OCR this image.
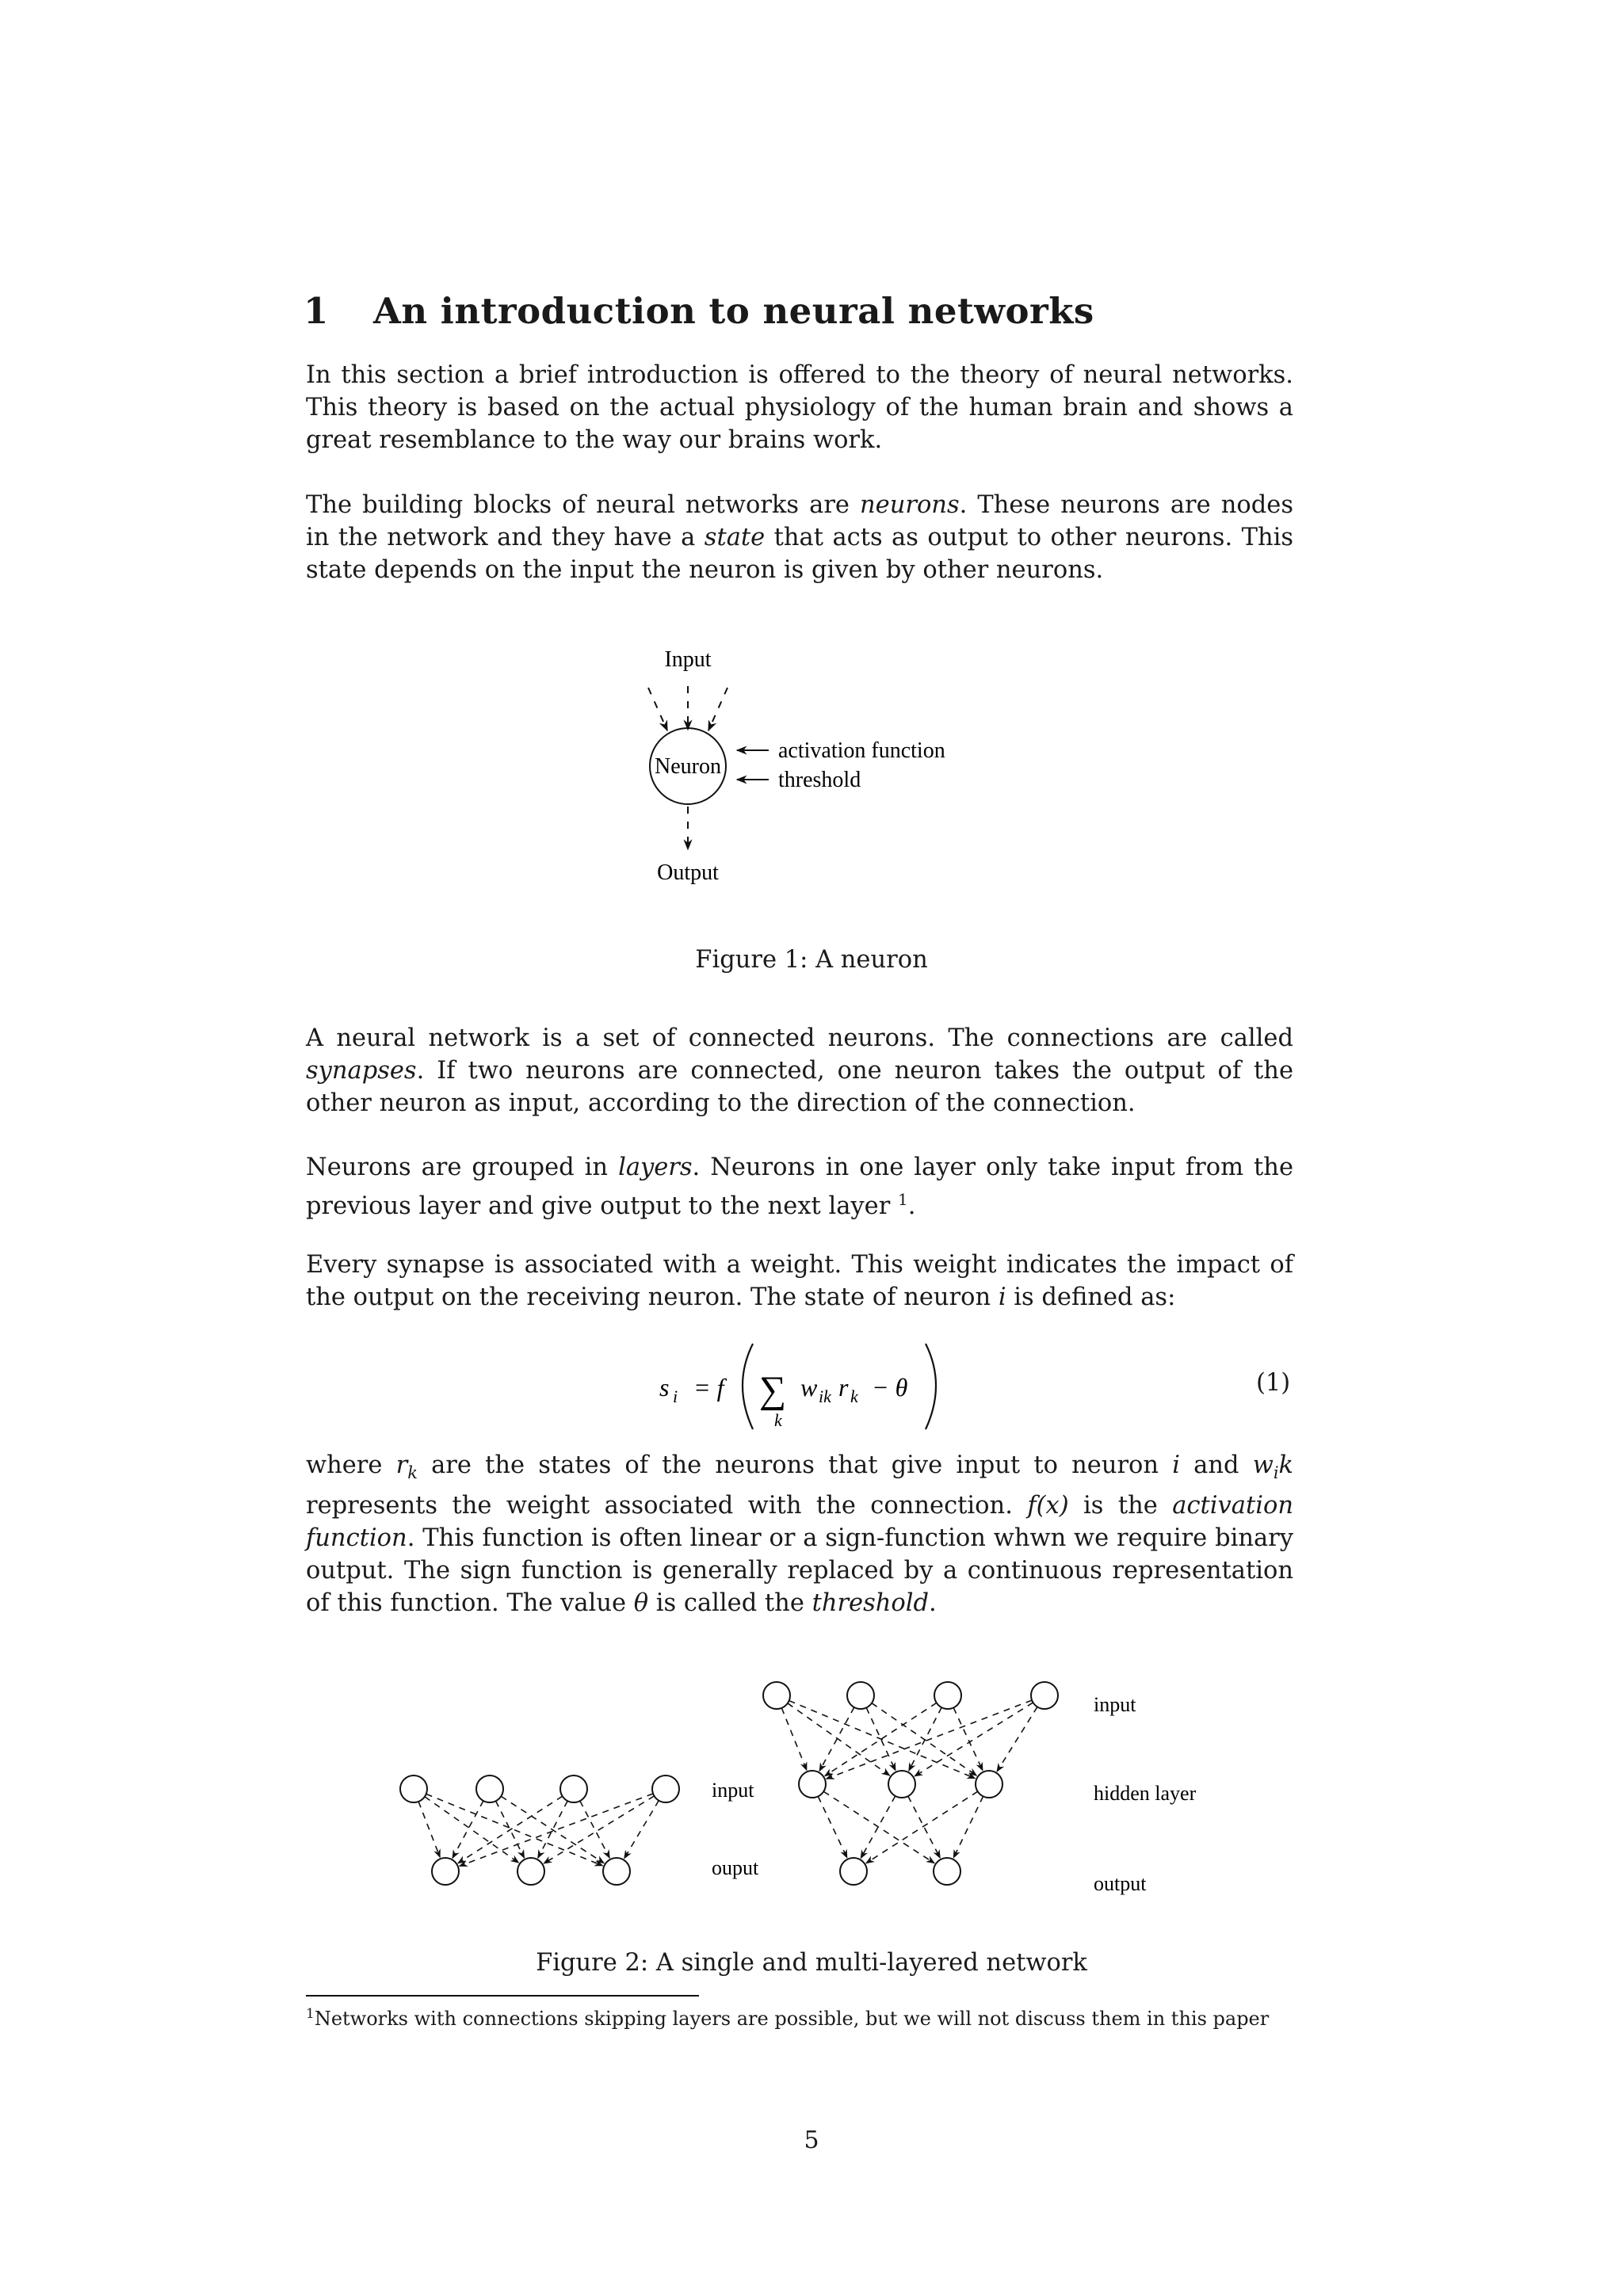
1 An introduction to neural networks
In this section a brief introduction is offered to the theory of neural networks. This theory is based on the actual physiology of the human brain and shows a great resemblance to the way our brains work.
The building blocks of neural networks are neurons. These neurons are nodes in the network and they have a state that acts as output to other neurons. This state depends on the input the neuron is given by other neurons.
Input
Neuron
Output
activation function
threshold
Figure 1: A neuron
A neural network is a set of connected neurons. The connections are called synapses. If two neurons are connected, one neuron takes the output of the other neuron as input, according to the direction of the connection.
Neurons are grouped in layers. Neurons in one layer only take input from the previous layer and give output to the next layer $^1$.
Every synapse is associated with a weight. This weight indicates the impact of the output on the receiving neuron. The state of neuron i is defined as:
s i = f ∑
k
w ik r k − θ	(1)
where $r_k$ are the states of the neurons that give input to neuron i and $w_ik$ represents the weight associated with the connection. f(x) is the activation function. This function is often linear or a sign-function whwn we require binary output. The sign function is generally replaced by a continuous representation of this function. The value θ is called the threshold.
input
ouput
input
hidden layer
output
Figure 2: A single and multi-layered network
$^1$Networks with connections skipping layers are possible, but we will not discuss them in this paper
5
